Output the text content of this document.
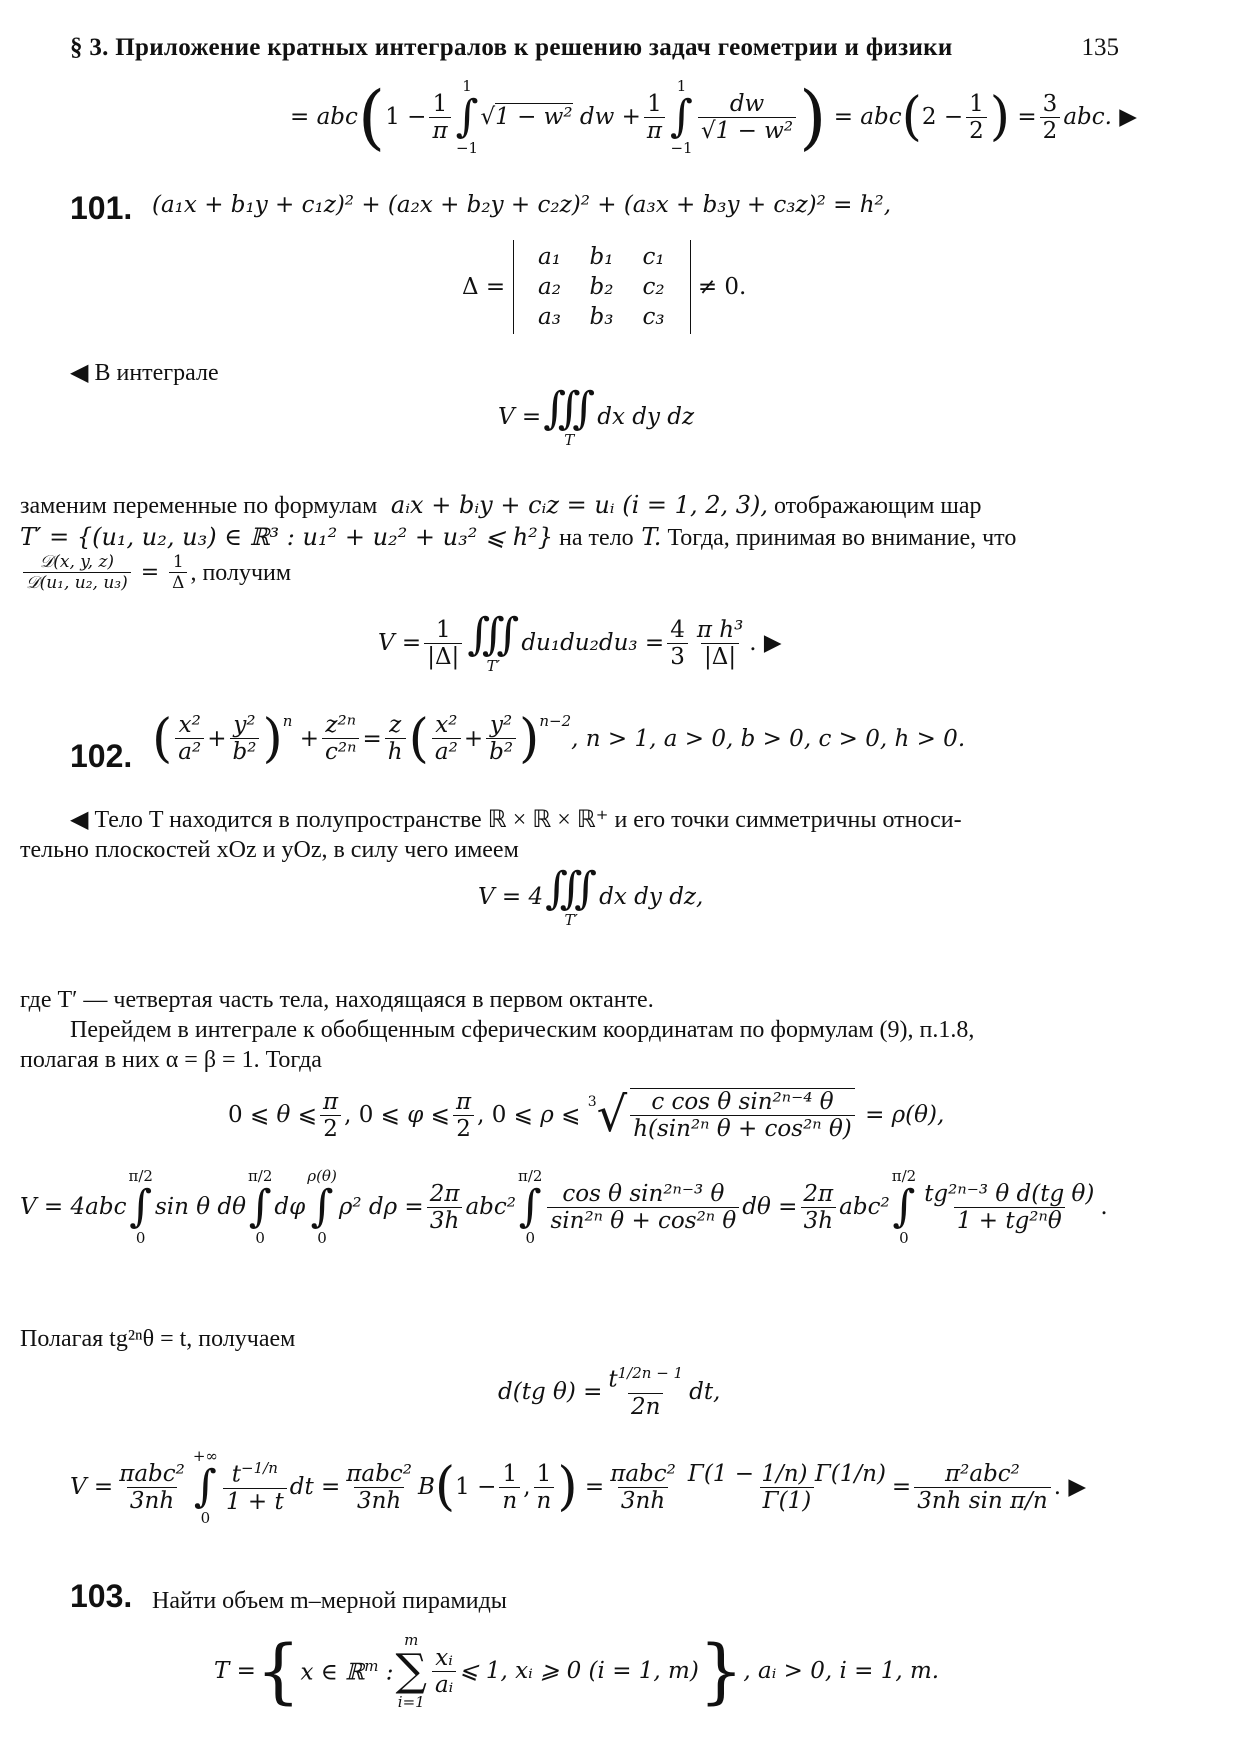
§ 3. Приложение кратных интегралов к решению задач геометрии и физики	135
= abc ( $1 - \frac{1}{\pi}$
1
∫
−1
√1 − w² dw + $\frac{1}{\pi}$
1
∫
−1
$\frac{dw}{\text{√1 − w²}}$ ) = abc ( $2 - \frac{1}{2}$ ) = $\frac{3}{2}$ abc. ▶
101. (a₁x + b₁y + c₁z)² + (a₂x + b₂y + c₂z)² + (a₃x + b₃y + c₃z)² = h²,
Δ =
a₁	b₁	c₁
a₂	b₂	c₂
a₃	b₃	c₃
≠ 0.
◀ В интеграле
V = ∭
T
dx dy dz
заменим переменные по формулам  aᵢx + bᵢy + cᵢz = uᵢ (i = 1, 2, 3), отображающим шар
T′ = {(u₁, u₂, u₃) ∈ ℝ³ : u₁² + u₂² + u₃² ⩽ h²} на тело T. Тогда, принимая во внимание, что
$\frac{\text{𝒟(x, y, z)}}{\text{𝒟(u₁, u₂, u₃)}} = \frac{1}{\Delta}$ , получим
$V = \frac{1}{|\Delta|}$ ∭
T′
$du_1du_2du_3 = \frac{4}{3} \frac{\text{π h³}}{|\Delta|}$ . ▶
102. ( $\frac{\text{x²}}{\text{a²}} + \frac{\text{y²}}{\text{b²}} )^n$
+ $\frac{\text{z²ⁿ}}{\text{c²ⁿ}} = \frac{z}{h}$ ( $\frac{\text{x²}}{\text{a²}} + \frac{\text{y²}}{\text{b²}} )^{n-2}$
, n > 1, a > 0, b > 0, c > 0, h > 0.
◀ Тело T находится в полупространстве ℝ × ℝ × ℝ⁺ и его точки симметричны относи-
тельно плоскостей xOz и yOz, в силу чего имеем
V = 4 ∭
T′
dx dy dz,
где T′ — четвертая часть тела, находящаяся в первом октанте.
Перейдем в интеграле к обобщенным сферическим координатам по формулам (9), п.1.8,
полагая в них α = β = 1. Тогда
0 ⩽ θ ⩽ $\frac{\pi}{2}$ , 0 ⩽ φ ⩽ $\frac{\pi}{2}$ , 0 ⩽ ρ ⩽ 3 √ $\frac{\text{c cos θ sin²ⁿ⁻⁴ θ}}{\text{h(sin²ⁿ θ + cos²ⁿ θ)}} = \rho(\theta)$,
V = 4abc
π/2
∫
0
sin θ dθ
π/2
∫
0
dφ
ρ(θ)
∫
0
ρ² $d\rho = \frac{2\pi}{3h} abc^2$
π/2
∫
0
$\frac{\text{cos θ sin²ⁿ⁻³ θ}}{\text{sin²ⁿ θ + cos²ⁿ θ}}$ $d\theta = \frac{2\pi}{3h} abc^2$
π/2
∫
0
$\frac{\text{tg²ⁿ⁻³ θ d(tg θ)}}{\text{1 + tg²ⁿθ}}$ .
Полагая tg²ⁿθ = t, получаем
d(tg $\theta) = \frac{t^{1/2n - 1}}{2n}$ dt,
$V = \frac{\text{πabc²}}{3nh}$
+∞
∫
0
$\frac{t^{-1/n}}{1 + t}$ dt = $\frac{\text{πabc²}}{3nh}$ B ( $1 - \frac{1}{n}$ , $\frac{1}{n}$ ) = $\frac{\text{πabc²}}{3nh} \frac{\Gamma(1 - 1/n) \Gamma(1/n)}{\Gamma(1)} = \frac{\text{π²abc²}}{\text{3nh sin π/n}}$ . ▶
103. Найти объем m–мерной пирамиды
T = { x ∈ ℝ$^m$ :
m
∑
i=1
$\frac{\text{xᵢ}}{\text{aᵢ}}$ ⩽ 1, xᵢ ⩾ 0 (i = 1, m) } , aᵢ > 0, i = 1, m.
